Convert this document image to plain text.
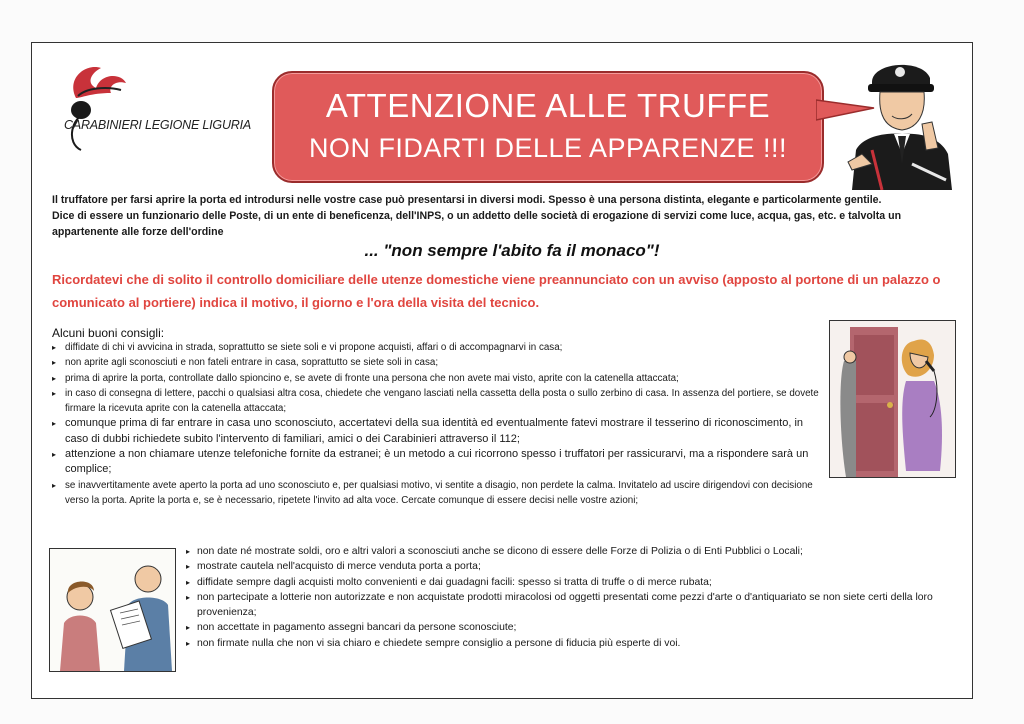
CARABINIERI LEGIONE LIGURIA
ATTENZIONE ALLE TRUFFE
NON FIDARTI DELLE APPARENZE !!!

Il truffatore per farsi aprire la porta ed introdursi nelle vostre case può presentarsi in diversi modi. Spesso è una persona distinta, elegante e particolarmente gentile.

Dice di essere un funzionario delle Poste, di un ente di beneficenza, dell'INPS, o un addetto delle società di erogazione di servizi come luce, acqua, gas, etc. e talvolta un appartenente alle forze dell'ordine

... "non sempre l'abito fa il monaco"!
Ricordatevi che di solito il controllo domiciliare delle utenze domestiche viene preannunciato con un avviso (apposto al portone di un palazzo o comunicato al portiere) indica il motivo, il giorno e l'ora della visita del tecnico.
Alcuni buoni consigli:
▸ diffidate di chi vi avvicina in strada, soprattutto se siete soli e vi propone acquisti, affari o di accompagnarvi in casa;
▸ non aprite agli sconosciuti e non fateli entrare in casa, soprattutto se siete soli in casa;
▸ prima di aprire la porta, controllate dallo spioncino e, se avete di fronte una persona che non avete mai visto, aprite con la catenella attaccata;
▸ in caso di consegna di lettere, pacchi o qualsiasi altra cosa, chiedete che vengano lasciati nella cassetta della posta o sullo zerbino di casa. In assenza del portiere, se dovete firmare la ricevuta aprite con la catenella attaccata;
▸ comunque prima di far entrare in casa uno sconosciuto, accertatevi della sua identità ed eventualmente fatevi mostrare il tesserino di riconoscimento, in caso di dubbi richiedete subito l'intervento di familiari, amici o dei Carabinieri attraverso il 112;
▸ attenzione a non chiamare utenze telefoniche fornite da estranei; è un metodo a cui ricorrono spesso i truffatori per rassicurarvi, ma a rispondere sarà un complice;
▸ se inavvertitamente avete aperto la porta ad uno sconosciuto e, per qualsiasi motivo, vi sentite a disagio, non perdete la calma. Invitatelo ad uscire dirigendovi con decisione verso la porta. Aprite la porta e, se è necessario, ripetete l'invito ad alta voce. Cercate comunque di essere decisi nelle vostre azioni;
▸ non date né mostrate soldi, oro e altri valori a sconosciuti anche se dicono di essere delle Forze di Polizia o di Enti Pubblici o Locali;
▸ mostrate cautela nell'acquisto di merce venduta porta a porta;
▸ diffidate sempre dagli acquisti molto convenienti e dai guadagni facili: spesso si tratta di truffe o di merce rubata;
▸ non partecipate a lotterie non autorizzate e non acquistate prodotti miracolosi od oggetti presentati come pezzi d'arte o d'antiquariato se non siete certi della loro provenienza;
▸ non accettate in pagamento assegni bancari da persone sconosciute;
▸ non firmate nulla che non vi sia chiaro e chiedete sempre consiglio a persone di fiducia più esperte di voi.
